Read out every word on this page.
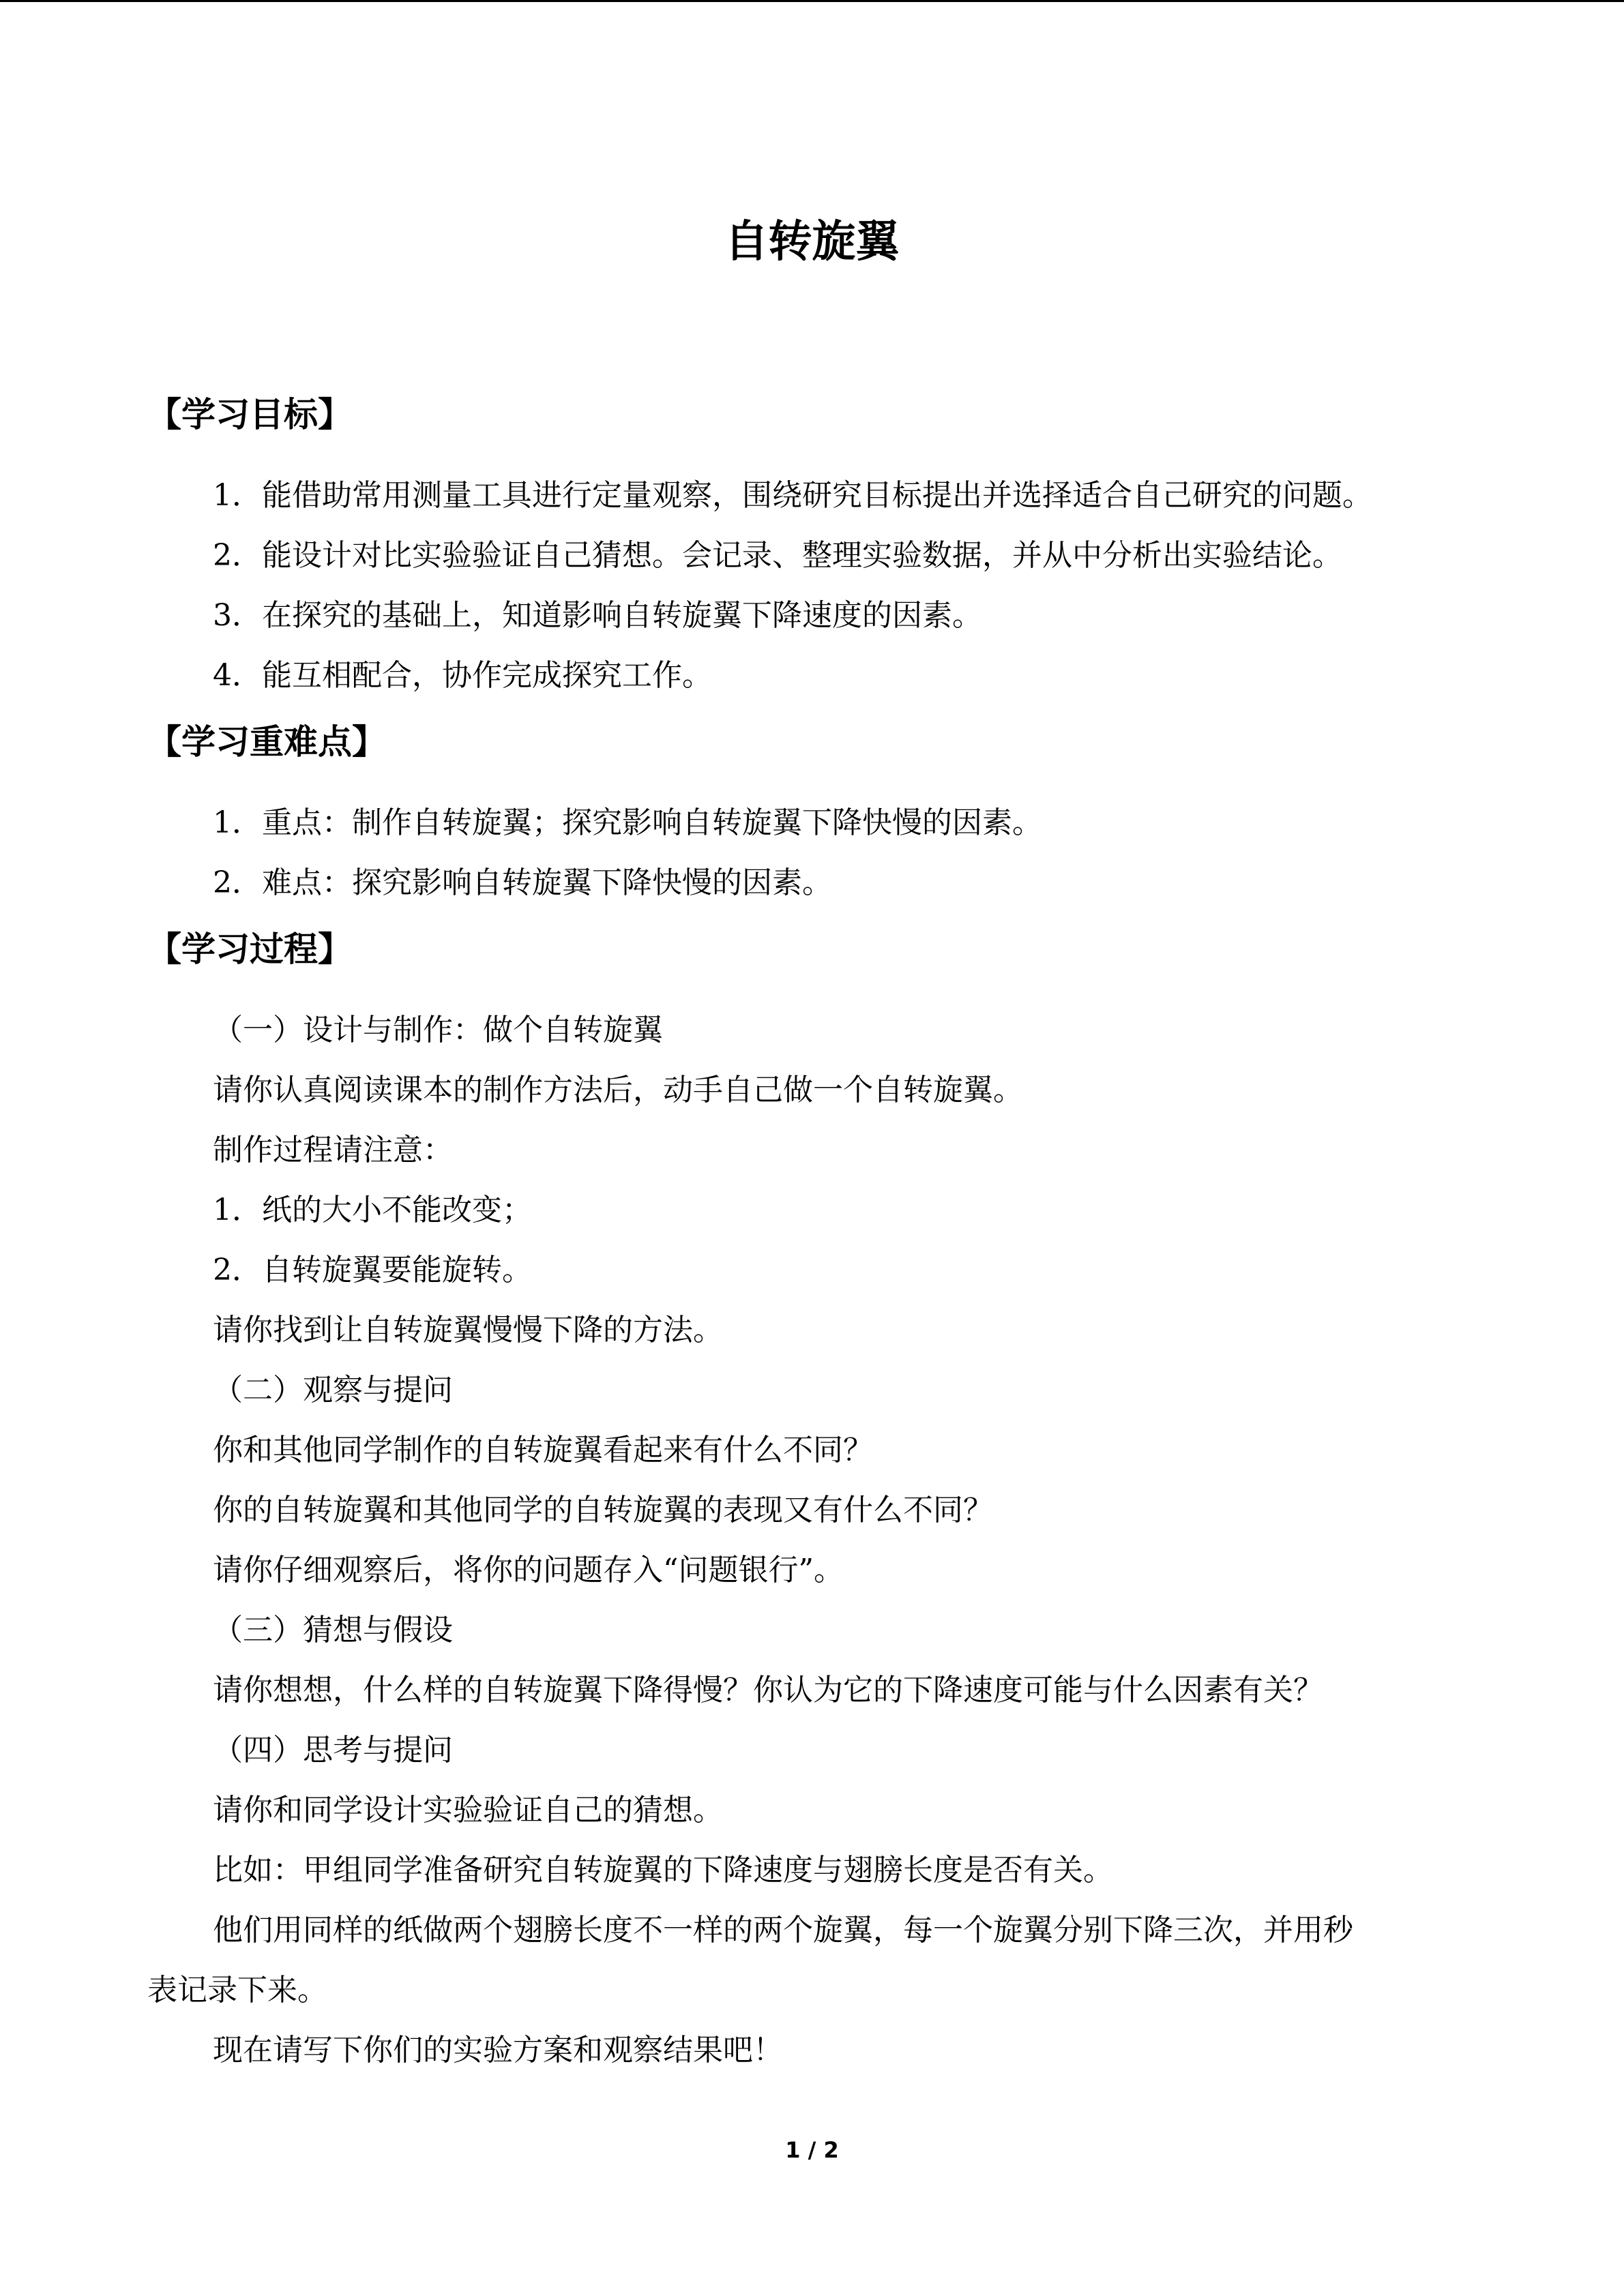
自转旋翼
【学习目标】
1．能借助常用测量工具进行定量观察，围绕研究目标提出并选择适合自己研究的问题。
2．能设计对比实验验证自己猜想。会记录、整理实验数据，并从中分析出实验结论。
3．在探究的基础上，知道影响自转旋翼下降速度的因素。
4．能互相配合，协作完成探究工作。
【学习重难点】
1．重点：制作自转旋翼；探究影响自转旋翼下降快慢的因素。
2．难点：探究影响自转旋翼下降快慢的因素。
【学习过程】
（一）设计与制作：做个自转旋翼
请你认真阅读课本的制作方法后，动手自己做一个自转旋翼。
制作过程请注意：
1．纸的大小不能改变；
2．自转旋翼要能旋转。
请你找到让自转旋翼慢慢下降的方法。
（二）观察与提问
你和其他同学制作的自转旋翼看起来有什么不同？
你的自转旋翼和其他同学的自转旋翼的表现又有什么不同？
请你仔细观察后，将你的问题存入“问题银行”。
（三）猜想与假设
请你想想，什么样的自转旋翼下降得慢？你认为它的下降速度可能与什么因素有关？
（四）思考与提问
请你和同学设计实验验证自己的猜想。
比如：甲组同学准备研究自转旋翼的下降速度与翅膀长度是否有关。
他们用同样的纸做两个翅膀长度不一样的两个旋翼，每一个旋翼分别下降三次，并用秒
表记录下来。
现在请写下你们的实验方案和观察结果吧！
1 / 2
